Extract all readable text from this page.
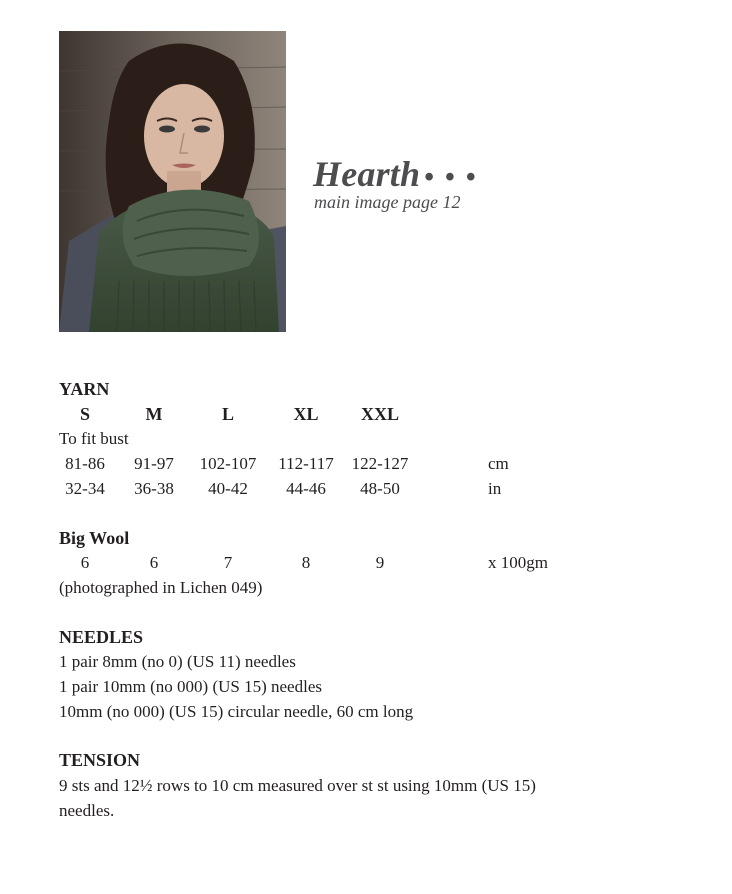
Hearth • • •
main image page 12
YARN
S	M	L	XL XXL
To fit bust
81-86 91-97 102-107 112-117 122-127	cm
32-34 36-38 40-42 44-46 48-50	in
Big Wool
6	6	7	8	9	x 100gm
(photographed in Lichen 049)
NEEDLES
1 pair 8mm (no 0) (US 11) needles
1 pair 10mm (no 000) (US 15) needles
10mm (no 000) (US 15) circular needle, 60 cm long
TENSION
9 sts and 12½ rows to 10 cm measured over st st using 10mm (US 15)
needles.
